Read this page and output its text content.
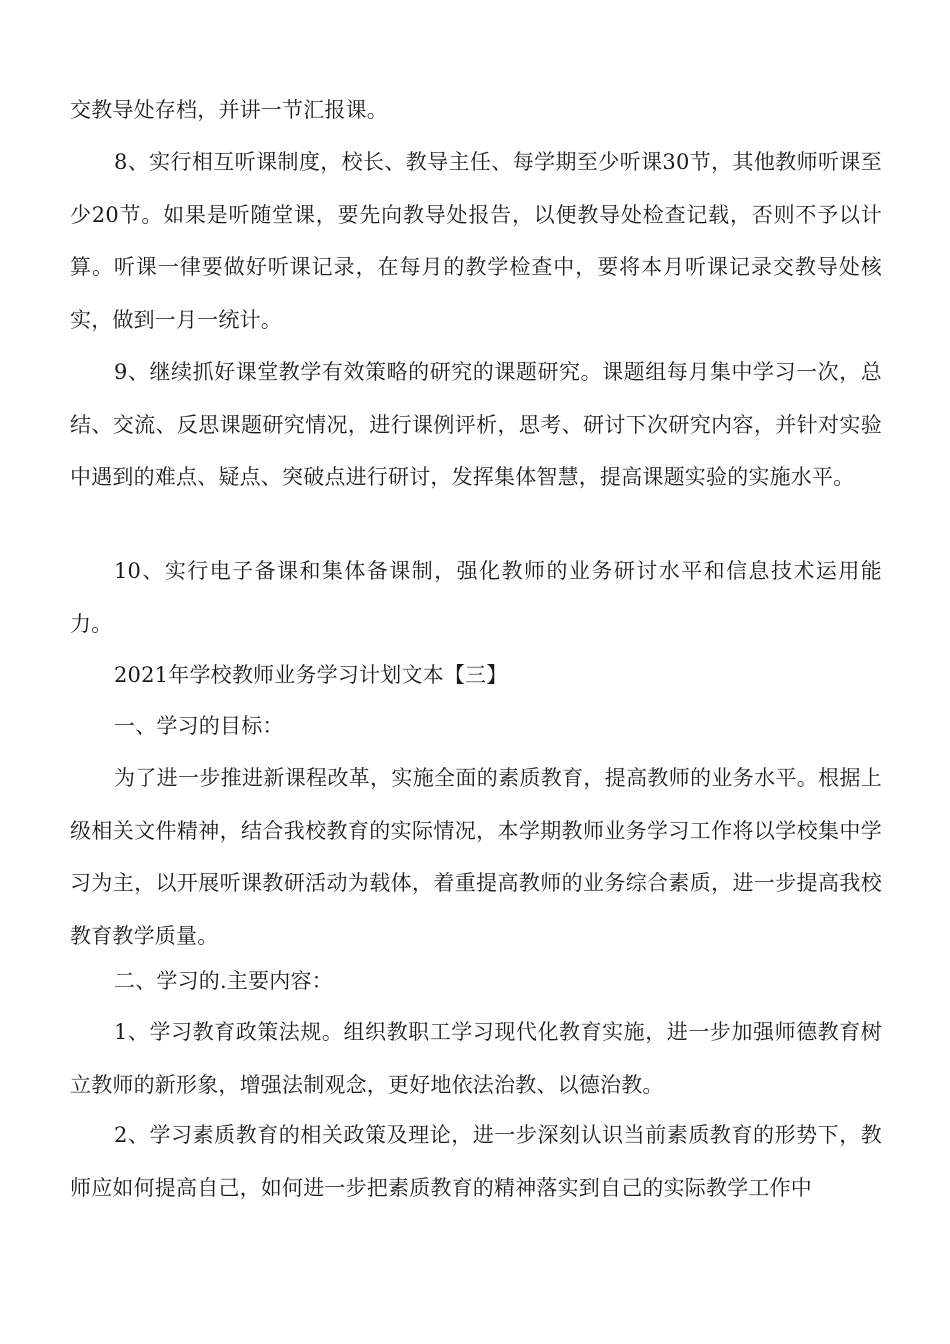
交教导处存档，并讲一节汇报课。

8、实行相互听课制度，校长、教导主任、每学期至少听课30节，其他教师听课至少20节。如果是听随堂课，要先向教导处报告，以便教导处检查记载，否则不予以计算。听课一律要做好听课记录，在每月的教学检查中，要将本月听课记录交教导处核实，做到一月一统计。

9、继续抓好课堂教学有效策略的研究的课题研究。课题组每月集中学习一次，总结、交流、反思课题研究情况，进行课例评析，思考、研讨下次研究内容，并针对实验中遇到的难点、疑点、突破点进行研讨，发挥集体智慧，提高课题实验的实施水平。

10、实行电子备课和集体备课制，强化教师的业务研讨水平和信息技术运用能力。

2021年学校教师业务学习计划文本【三】

一、学习的目标：

为了进一步推进新课程改革，实施全面的素质教育，提高教师的业务水平。根据上级相关文件精神，结合我校教育的实际情况，本学期教师业务学习工作将以学校集中学习为主，以开展听课教研活动为载体，着重提高教师的业务综合素质，进一步提高我校教育教学质量。

二、学习的.主要内容：

1、学习教育政策法规。组织教职工学习现代化教育实施，进一步加强师德教育树立教师的新形象，增强法制观念，更好地依法治教、以德治教。

2、学习素质教育的相关政策及理论，进一步深刻认识当前素质教育的形势下，教师应如何提高自己，如何进一步把素质教育的精神落实到自己的实际教学工作中
